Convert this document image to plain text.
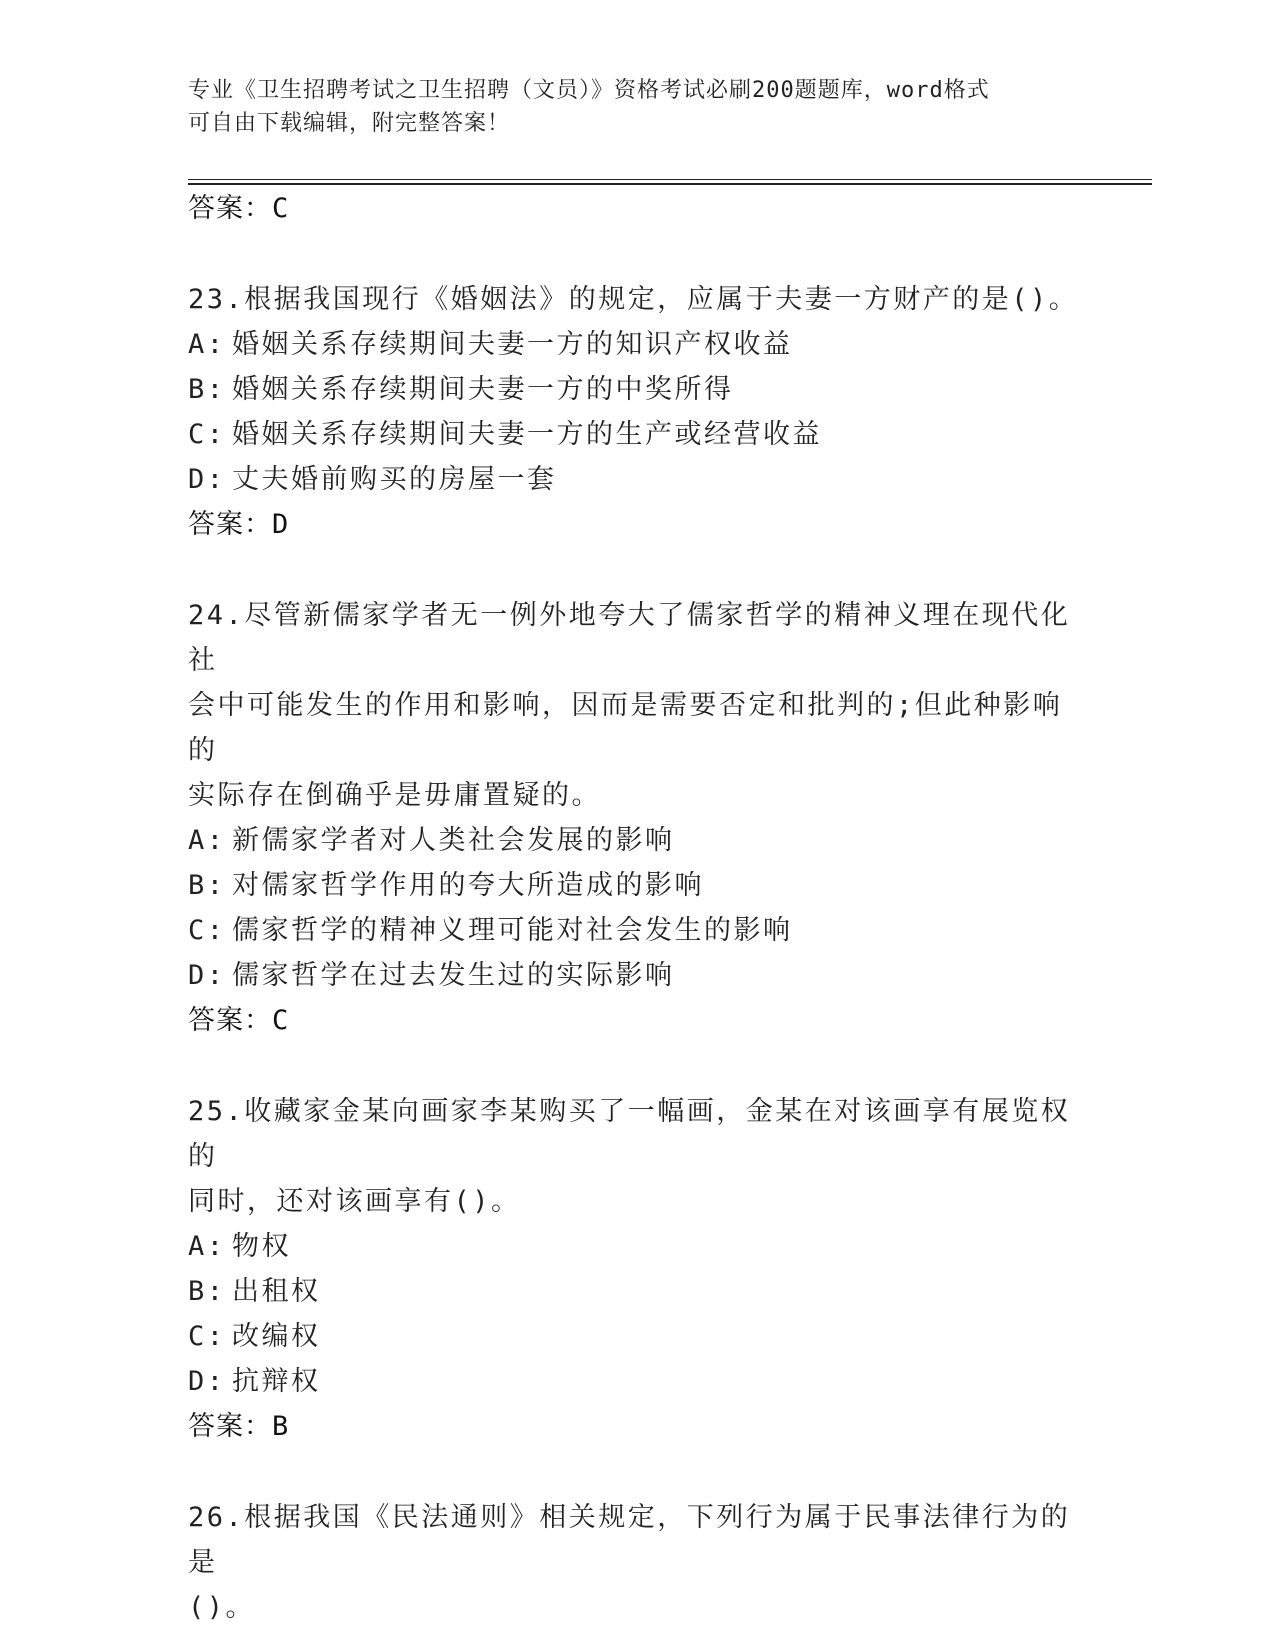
专业《卫生招聘考试之卫生招聘（文员）》资格考试必刷200题题库，word格式
可自由下载编辑，附完整答案！
答案：C
23.根据我国现行《婚姻法》的规定，应属于夫妻一方财产的是()。
A: 婚姻关系存续期间夫妻一方的知识产权收益
B: 婚姻关系存续期间夫妻一方的中奖所得
C: 婚姻关系存续期间夫妻一方的生产或经营收益
D: 丈夫婚前购买的房屋一套
答案：D
24.尽管新儒家学者无一例外地夸大了儒家哲学的精神义理在现代化社
会中可能发生的作用和影响，因而是需要否定和批判的;但此种影响的
实际存在倒确乎是毋庸置疑的。
A: 新儒家学者对人类社会发展的影响
B: 对儒家哲学作用的夸大所造成的影响
C: 儒家哲学的精神义理可能对社会发生的影响
D: 儒家哲学在过去发生过的实际影响
答案：C
25.收藏家金某向画家李某购买了一幅画，金某在对该画享有展览权的
同时，还对该画享有()。
A: 物权
B: 出租权
C: 改编权
D: 抗辩权
答案：B
26.根据我国《民法通则》相关规定，下列行为属于民事法律行为的是
()。
